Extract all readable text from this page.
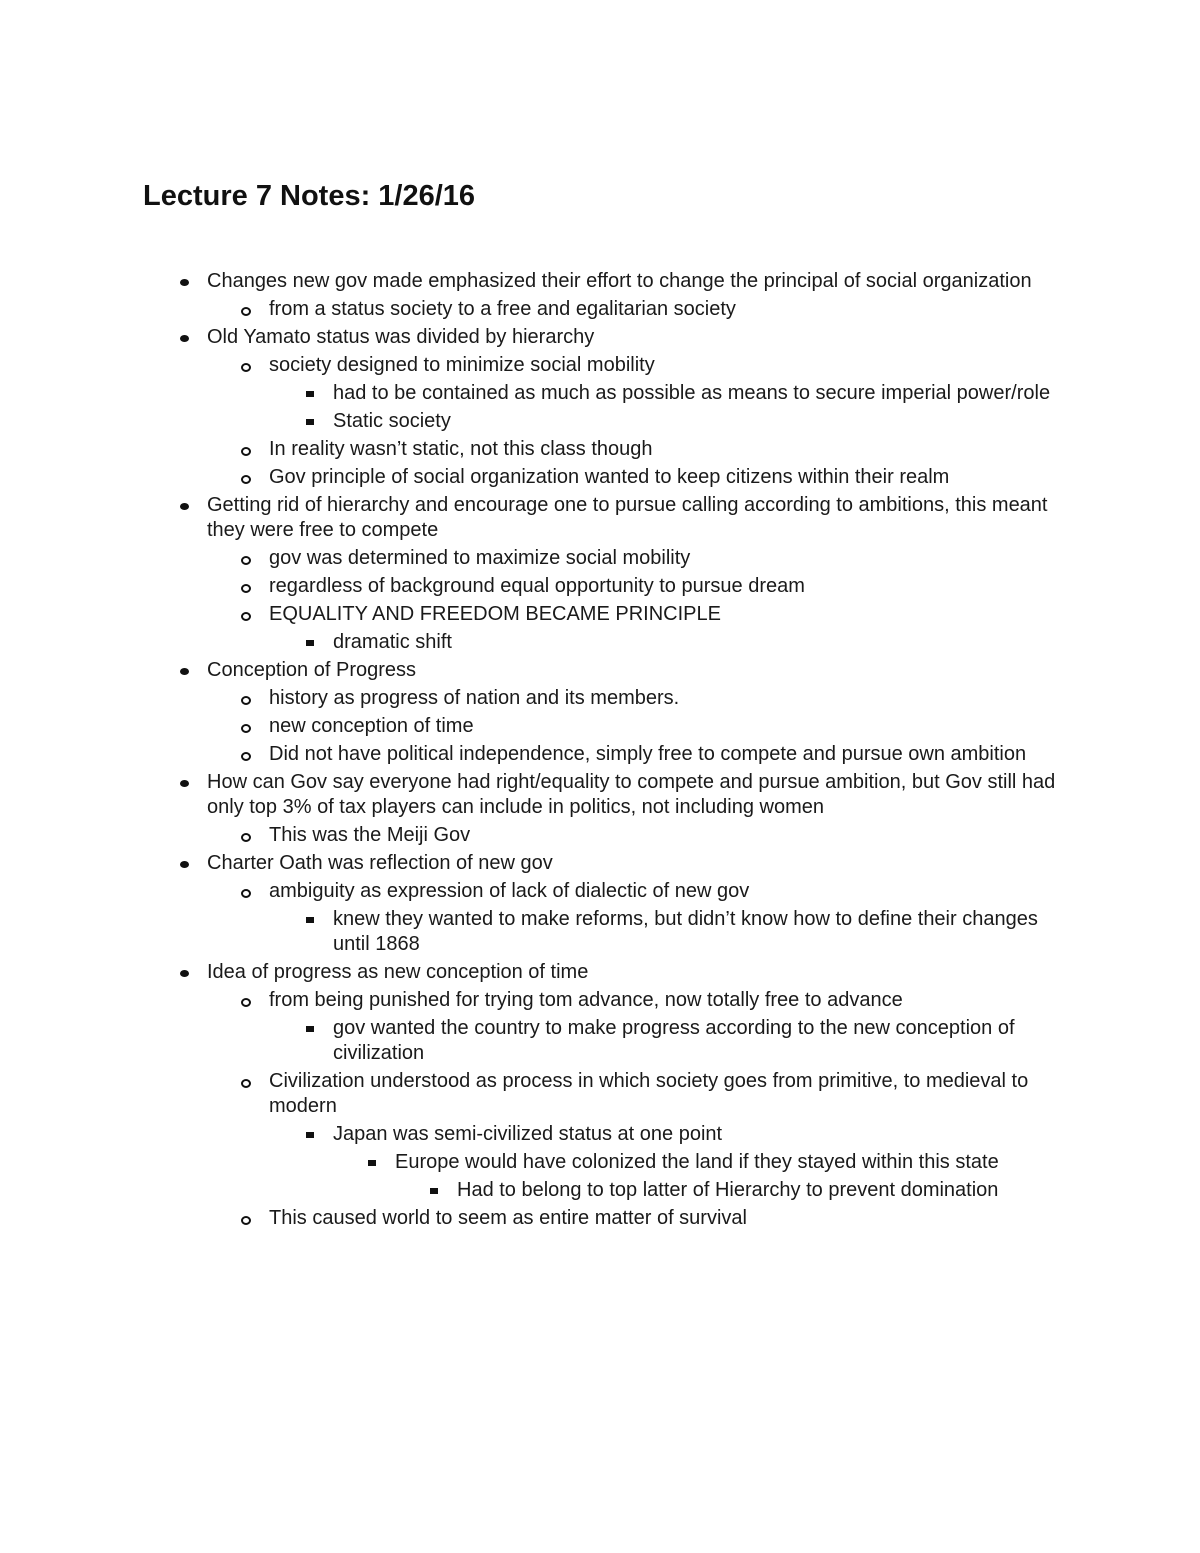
Lecture 7 Notes: 1/26/16
Changes new gov made emphasized their effort to change the principal of social organization
from a status society to a free and egalitarian society
Old Yamato status was divided by hierarchy
society designed to minimize social mobility
had to be contained as much as possible as means to secure imperial power/role
Static society
In reality wasn’t static, not this class though
Gov principle of social organization wanted to keep citizens within their realm
Getting rid of hierarchy and encourage one to pursue calling according to ambitions, this meant they were free to compete
gov was determined to maximize social mobility
regardless of background equal opportunity to pursue dream
EQUALITY AND FREEDOM BECAME PRINCIPLE
dramatic shift
Conception of Progress
history as progress of nation and its members.
new conception of time
Did not have political independence, simply free to compete and pursue own ambition
How can Gov say everyone had right/equality to compete and pursue ambition, but Gov still had only top 3% of tax players can include in politics, not including women
This was the Meiji Gov
Charter Oath was reflection of new gov
ambiguity as expression of lack of dialectic of new gov
knew they wanted to make reforms, but didn’t know how to define their changes until 1868
Idea of progress as new conception of time
from being punished for trying tom advance, now totally free to advance
gov wanted the country to make progress according to the new conception of civilization
Civilization understood as process in which society goes from primitive, to medieval to modern
Japan was semi-civilized status at one point
Europe would have colonized the land if they stayed within this state
Had to belong to top latter of Hierarchy to prevent domination
This caused world to seem as entire matter of survival
